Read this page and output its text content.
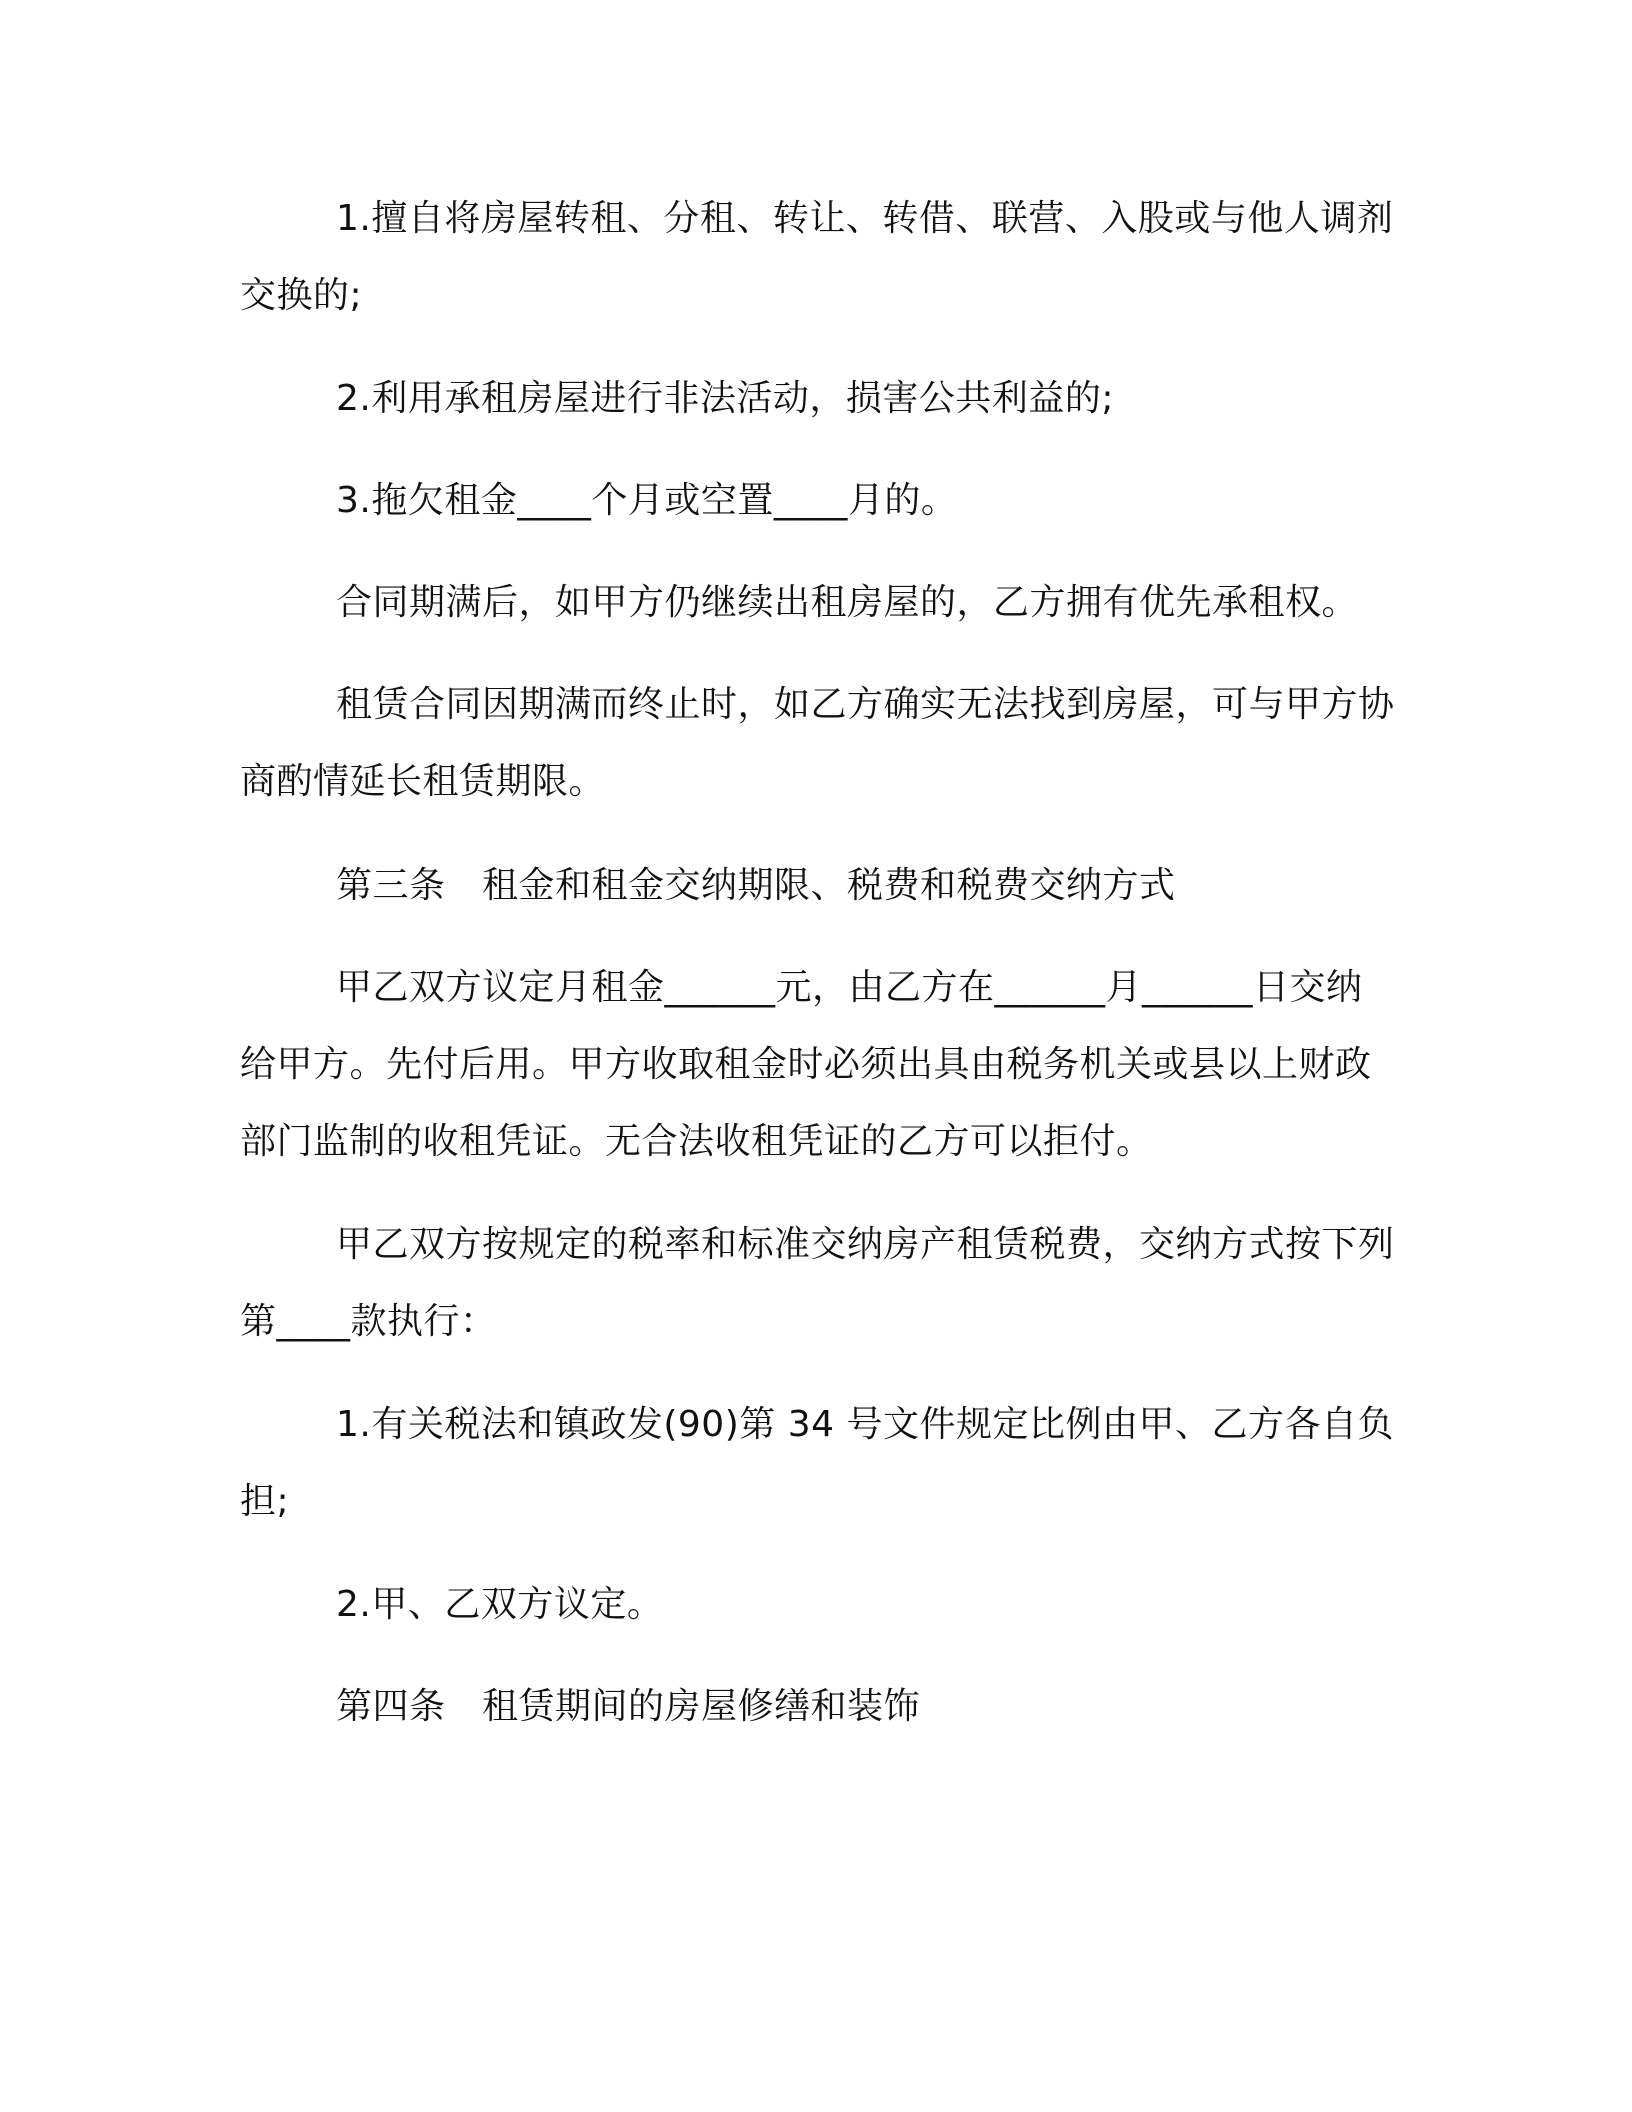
1.擅自将房屋转租、分租、转让、转借、联营、入股或与他人调剂交换的;

2.利用承租房屋进行非法活动，损害公共利益的;

3.拖欠租金____个月或空置____月的。

合同期满后，如甲方仍继续出租房屋的，乙方拥有优先承租权。

租赁合同因期满而终止时，如乙方确实无法找到房屋，可与甲方协商酌情延长租赁期限。

第三条　租金和租金交纳期限、税费和税费交纳方式

甲乙双方议定月租金______元，由乙方在______月______日交纳给甲方。先付后用。甲方收取租金时必须出具由税务机关或县以上财政部门监制的收租凭证。无合法收租凭证的乙方可以拒付。

甲乙双方按规定的税率和标准交纳房产租赁税费，交纳方式按下列第____款执行：

1.有关税法和镇政发(90)第 34 号文件规定比例由甲、乙方各自负担;

2.甲、乙双方议定。

第四条　租赁期间的房屋修缮和装饰
